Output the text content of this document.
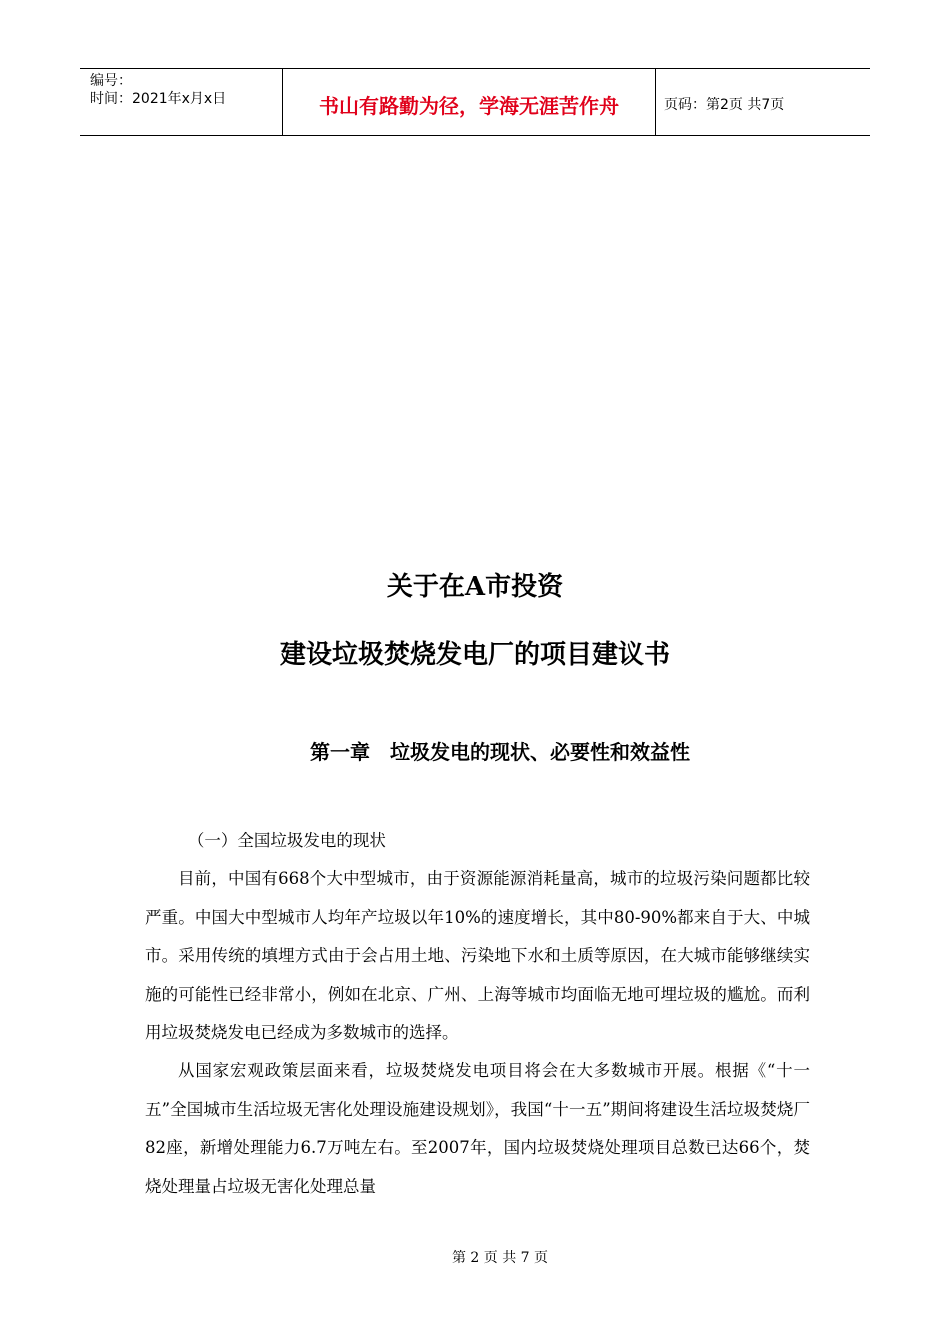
编号：
时间：2021年x月x日	书山有路勤为径，学海无涯苦作舟	页码：第2页 共7页
关于在A市投资
建设垃圾焚烧发电厂的项目建议书
第一章　垃圾发电的现状、必要性和效益性

（一）全国垃圾发电的现状

目前，中国有668个大中型城市，由于资源能源消耗量高，城市的垃圾污染问题都比较严重。中国大中型城市人均年产垃圾以年10%的速度增长，其中80-90%都来自于大、中城市。采用传统的填埋方式由于会占用土地、污染地下水和土质等原因，在大城市能够继续实施的可能性已经非常小，例如在北京、广州、上海等城市均面临无地可埋垃圾的尴尬。而利用垃圾焚烧发电已经成为多数城市的选择。

从国家宏观政策层面来看，垃圾焚烧发电项目将会在大多数城市开展。根据《“十一五”全国城市生活垃圾无害化处理设施建设规划》，我国“十一五”期间将建设生活垃圾焚烧厂82座，新增处理能力6.7万吨左右。至2007年，国内垃圾焚烧处理项目总数已达66个，焚烧处理量占垃圾无害化处理总量

第 2 页 共 7 页
